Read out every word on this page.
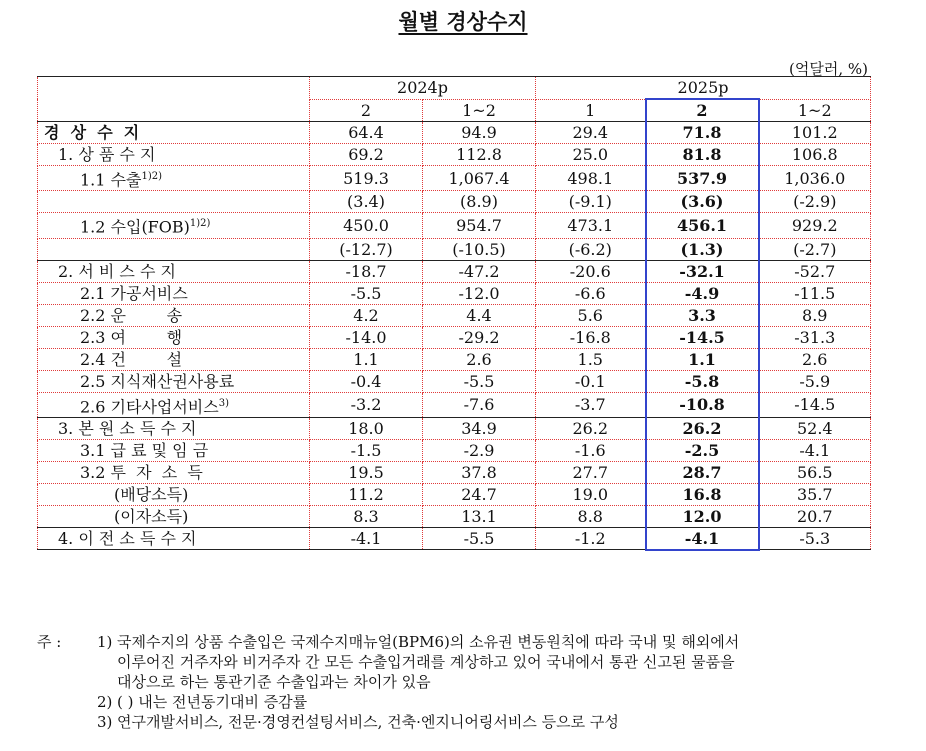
월별 경상수지
(억달러, %)
	2024p		2025p		
	2	1~2	1	2	1~2
경  상  수  지	64.4	94.9	29.4	71.8	101.2
1. 상 품 수 지	69.2	112.8	25.0	81.8	106.8
1.1 수출$^{1)2)}$	519.3	1,067.4	498.1	537.9	1,036.0
	(3.4)	(8.9)	(-9.1)	(3.6)	(-2.9)
1.2 수입(FOB)$^{1)2)}$	450.0	954.7	473.1	456.1	929.2
	(-12.7)	(-10.5)	(-6.2)	(1.3)	(-2.7)
2. 서 비 스 수 지	-18.7	-47.2	-20.6	-32.1	-52.7
2.1 가공서비스	-5.5	-12.0	-6.6	-4.9	-11.5
2.2 운        송	4.2	4.4	5.6	3.3	8.9
2.3 여        행	-14.0	-29.2	-16.8	-14.5	-31.3
2.4 건        설	1.1	2.6	1.5	1.1	2.6
2.5 지식재산권사용료	-0.4	-5.5	-0.1	-5.8	-5.9
2.6 기타사업서비스$^{3)}$	-3.2	-7.6	-3.7	-10.8	-14.5
3. 본 원 소 득 수 지	18.0	34.9	26.2	26.2	52.4
3.1 급 료 및 임 금	-1.5	-2.9	-1.6	-2.5	-4.1
3.2 투  자  소  득	19.5	37.8	27.7	28.7	56.5
(배당소득)	11.2	24.7	19.0	16.8	35.7
(이자소득)	8.3	13.1	8.8	12.0	20.7
4. 이 전 소 득 수 지	-4.1	-5.5	-1.2	-4.1	-5.3
주 :	1) 국제수지의 상품 수출입은 국제수지매뉴얼(BPM6)의 소유권 변동원칙에 따라 국내 및 해외에서
이루어진 거주자와 비거주자 간 모든 수출입거래를 계상하고 있어 국내에서 통관 신고된 물품을
대상으로 하는 통관기준 수출입과는 차이가 있음
2) ( ) 내는 전년동기대비 증감률
3) 연구개발서비스, 전문·경영컨설팅서비스, 건축·엔지니어링서비스 등으로 구성
